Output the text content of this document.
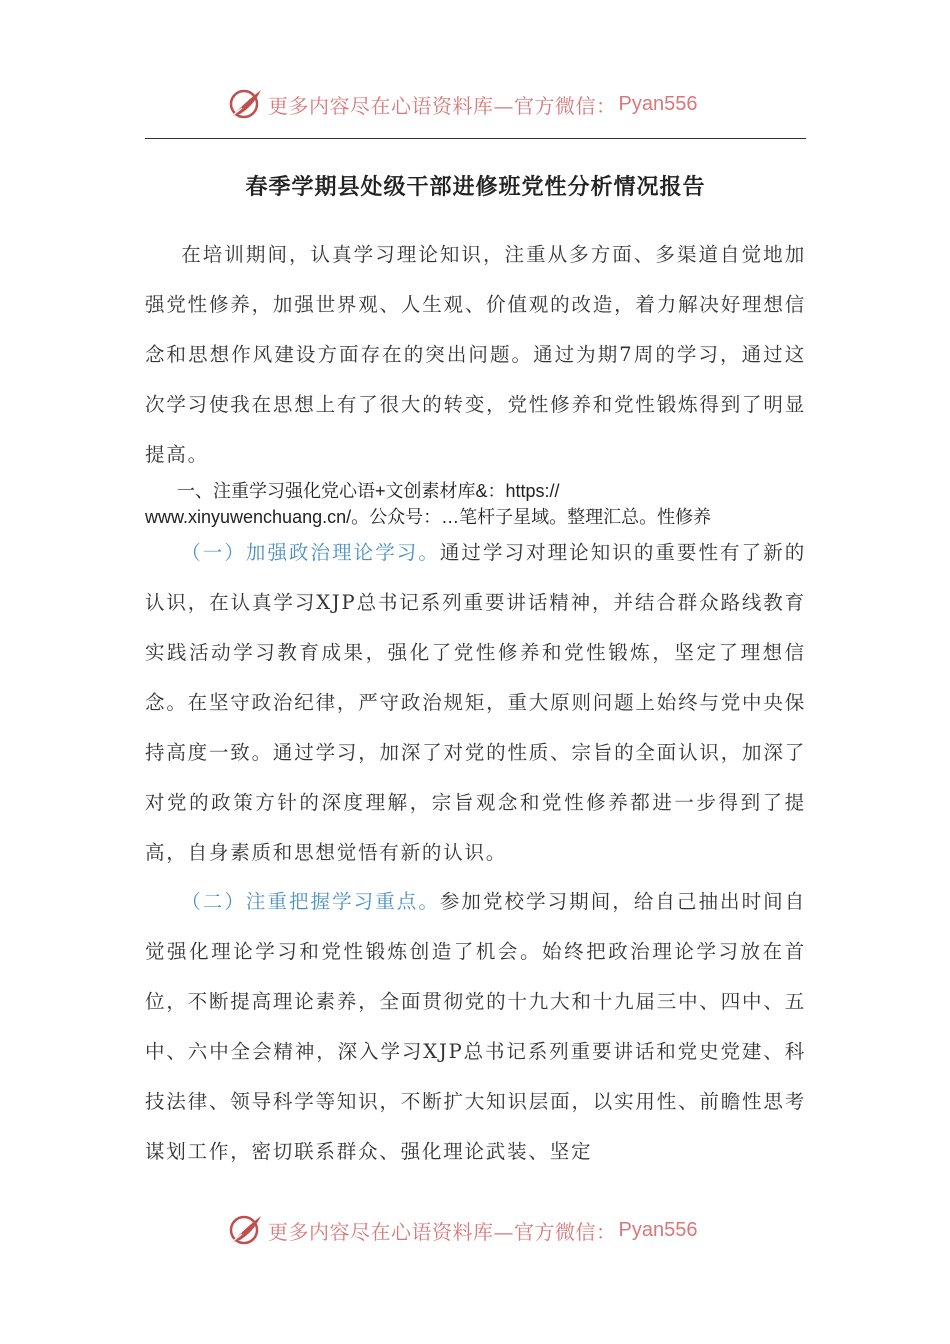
更多内容尽在心语资料库—官方微信： Pyan556
春季学期县处级干部进修班党性分析情况报告
在培训期间，认真学习理论知识，注重从多方面、多渠道自觉地加强党性修养，加强世界观、人生观、价值观的改造，着力解决好理想信念和思想作风建设方面存在的突出问题。通过为期7周的学习，通过这次学习使我在思想上有了很大的转变，党性修养和党性锻炼得到了明显提高。
一、注重学习强化党心语+文创素材库&：https://
www.xinyuwenchuang.cn/。公众号：…笔杆子星域。整理汇总。性修养
（一）加强政治理论学习。通过学习对理论知识的重要性有了新的认识，在认真学习XJP总书记系列重要讲话精神，并结合群众路线教育实践活动学习教育成果，强化了党性修养和党性锻炼，坚定了理想信念。在坚守政治纪律，严守政治规矩，重大原则问题上始终与党中央保持高度一致。通过学习，加深了对党的性质、宗旨的全面认识，加深了对党的政策方针的深度理解，宗旨观念和党性修养都进一步得到了提高，自身素质和思想觉悟有新的认识。
（二）注重把握学习重点。参加党校学习期间，给自己抽出时间自觉强化理论学习和党性锻炼创造了机会。始终把政治理论学习放在首位，不断提高理论素养，全面贯彻党的十九大和十九届三中、四中、五中、六中全会精神，深入学习XJP总书记系列重要讲话和党史党建、科技法律、领导科学等知识，不断扩大知识层面，以实用性、前瞻性思考谋划工作，密切联系群众、强化理论武装、坚定
更多内容尽在心语资料库—官方微信： Pyan556
